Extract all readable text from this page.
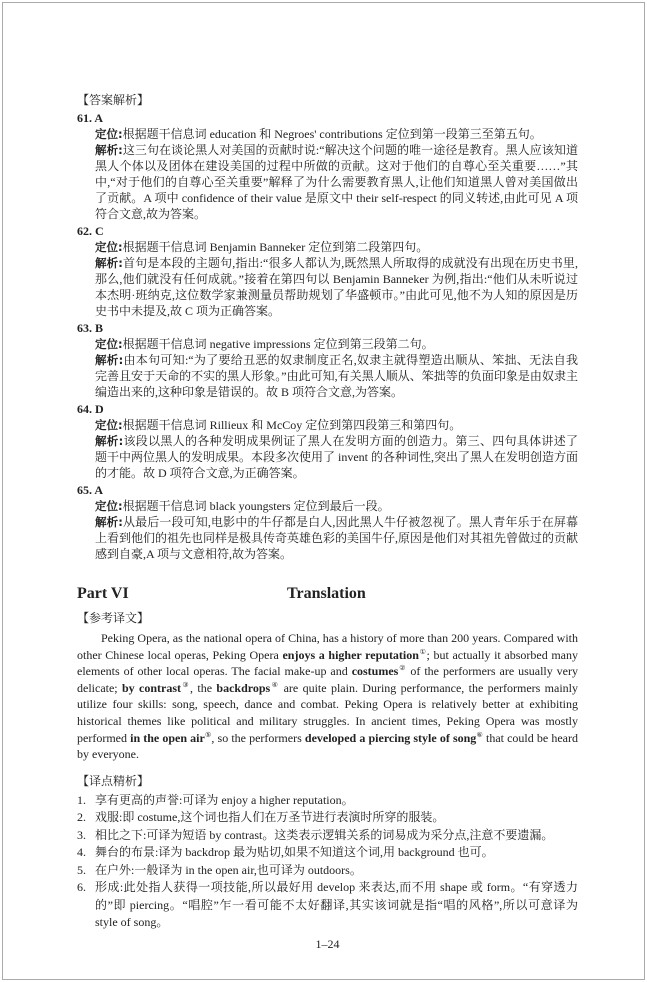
【答案解析】

61. A

定位:根据题干信息词 education 和 Negroes' contributions 定位到第一段第三至第五句。

解析:这三句在谈论黑人对美国的贡献时说:“解决这个问题的唯一途径是教育。黑人应该知道黑人个体以及团体在建设美国的过程中所做的贡献。这对于他们的自尊心至关重要……”其中,“对于他们的自尊心至关重要”解释了为什么需要教育黑人,让他们知道黑人曾对美国做出了贡献。A 项中 confidence of their value 是原文中 their self-respect 的同义转述,由此可见 A 项符合文意,故为答案。

62. C

定位:根据题干信息词 Benjamin Banneker 定位到第二段第四句。

解析:首句是本段的主题句,指出:“很多人都认为,既然黑人所取得的成就没有出现在历史书里,那么,他们就没有任何成就。”接着在第四句以 Benjamin Banneker 为例,指出:“他们从未听说过本杰明·班纳克,这位数学家兼测量员帮助规划了华盛顿市。”由此可见,他不为人知的原因是历史书中未提及,故 C 项为正确答案。

63. B

定位:根据题干信息词 negative impressions 定位到第三段第二句。

解析:由本句可知:“为了要给丑恶的奴隶制度正名,奴隶主就得塑造出顺从、笨拙、无法自我完善且安于天命的不实的黑人形象。”由此可知,有关黑人顺从、笨拙等的负面印象是由奴隶主编造出来的,这种印象是错误的。故 B 项符合文意,为答案。

64. D

定位:根据题干信息词 Rillieux 和 McCoy 定位到第四段第三和第四句。

解析:该段以黑人的各种发明成果例证了黑人在发明方面的创造力。第三、四句具体讲述了题干中两位黑人的发明成果。本段多次使用了 invent 的各种词性,突出了黑人在发明创造方面的才能。故 D 项符合文意,为正确答案。

65. A

定位:根据题干信息词 black youngsters 定位到最后一段。

解析:从最后一段可知,电影中的牛仔都是白人,因此黑人牛仔被忽视了。黑人青年乐于在屏幕上看到他们的祖先也同样是极具传奇英雄色彩的美国牛仔,原因是他们对其祖先曾做过的贡献感到自豪,A 项与文意相符,故为答案。

Part VI	Translation

【参考译文】

Peking Opera, as the national opera of China, has a history of more than 200 years. Compared with other Chinese local operas, Peking Opera enjoys a higher reputation①; but actually it absorbed many elements of other local operas. The facial make-up and costumes② of the performers are usually very delicate; by contrast③, the backdrops④ are quite plain. During performance, the performers mainly utilize four skills: song, speech, dance and combat. Peking Opera is relatively better at exhibiting historical themes like political and military struggles. In ancient times, Peking Opera was mostly performed in the open air⑤, so the performers developed a piercing style of song⑥ that could be heard by everyone.

【译点精析】

1. 享有更高的声誉:可译为 enjoy a higher reputation。
2. 戏服:即 costume,这个词也指人们在万圣节进行表演时所穿的服装。
3. 相比之下:可译为短语 by contrast。这类表示逻辑关系的词易成为采分点,注意不要遗漏。
4. 舞台的布景:译为 backdrop 最为贴切,如果不知道这个词,用 background 也可。
5. 在户外:一般译为 in the open air,也可译为 outdoors。
6. 形成:此处指人获得一项技能,所以最好用 develop 来表达,而不用 shape 或 form。“有穿透力的”即 piercing。“唱腔”乍一看可能不太好翻译,其实该词就是指“唱的风格”,所以可意译为 style of song。
1–24
